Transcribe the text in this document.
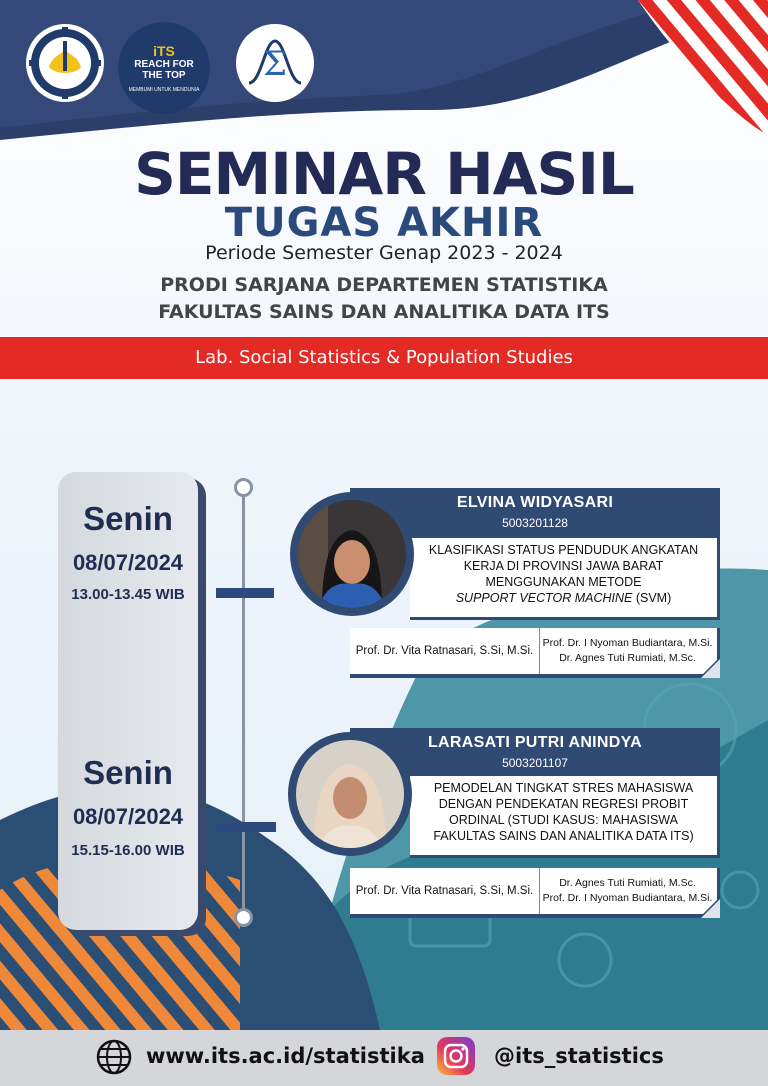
iTS
REACH FOR THE TOP
MEMBUMI UNTUK MENDUNIA
Σ
SEMINAR HASIL
TUGAS AKHIR
Periode Semester Genap 2023 - 2024
PRODI SARJANA DEPARTEMEN STATISTIKA
FAKULTAS SAINS DAN ANALITIKA DATA ITS
Lab. Social Statistics & Population Studies
Senin
08/07/2024
13.00-13.45 WIB
Senin
08/07/2024
15.15-16.00 WIB
ELVINA WIDYASARI
5003201128
KLASIFIKASI STATUS PENDUDUK ANGKATAN
KERJA DI PROVINSI JAWA BARAT
MENGGUNAKAN METODE
SUPPORT VECTOR MACHINE (SVM)
Prof. Dr. Vita Ratnasari, S.Si, M.Si.
Prof. Dr. I Nyoman Budiantara, M.Si.
Dr. Agnes Tuti Rumiati, M.Sc.
LARASATI PUTRI ANINDYA
5003201107
PEMODELAN TINGKAT STRES MAHASISWA
DENGAN PENDEKATAN REGRESI PROBIT
ORDINAL (STUDI KASUS: MAHASISWA
FAKULTAS SAINS DAN ANALITIKA DATA ITS)
Prof. Dr. Vita Ratnasari, S.Si, M.Si.
Dr. Agnes Tuti Rumiati, M.Sc.
Prof. Dr. I Nyoman Budiantara, M.Si.
www.its.ac.id/statistika	@its_statistics
